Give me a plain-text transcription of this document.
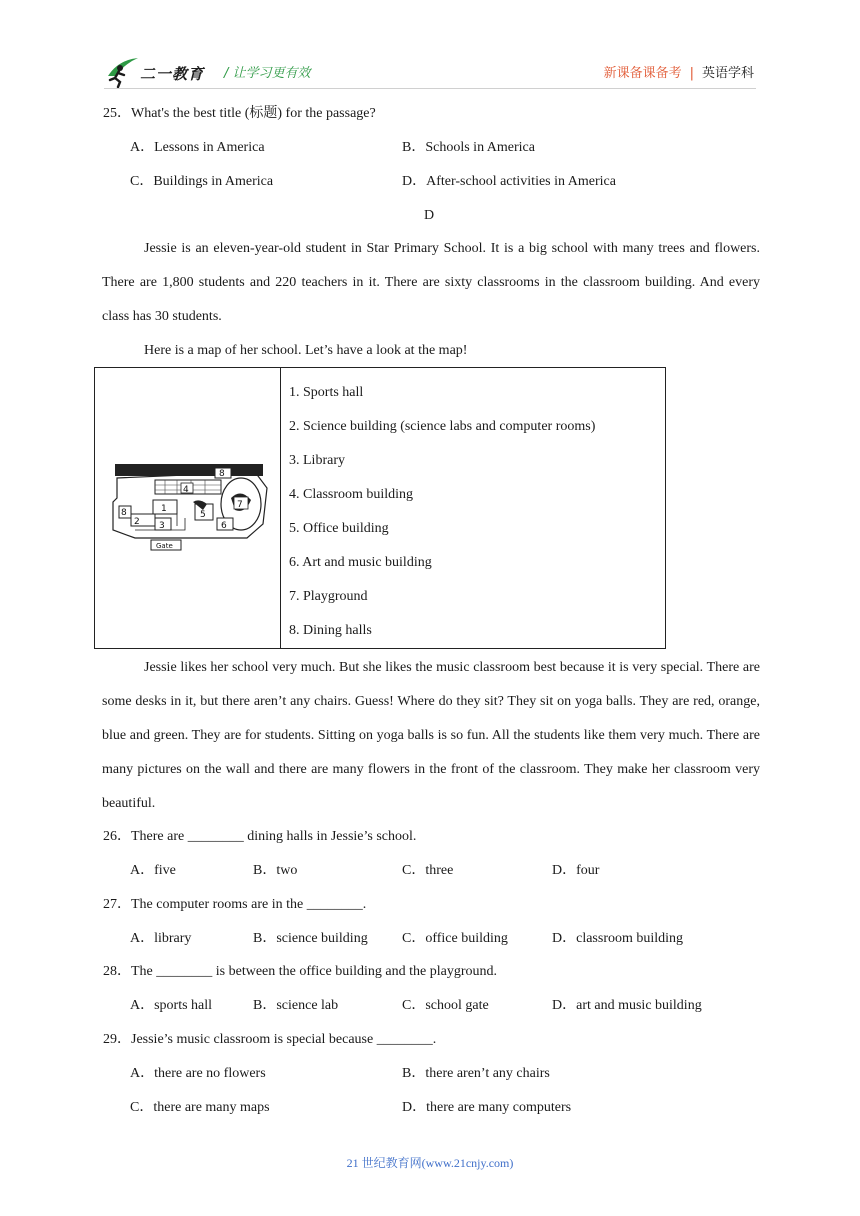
二一教育 / 让学习更有效	新课备课备考 | 英语学科
25．What's the best title (标题) for the passage?
A．Lessons in America	B．Schools in America
C．Buildings in America	D．After-school activities in America
D

Jessie is an eleven-year-old student in Star Primary School. It is a big school with many trees and flowers. There are 1,800 students and 220 teachers in it. There are sixty classrooms in the classroom building. And every class has 30 students.

Here is a map of her school. Let’s have a look at the map!

1
2 3
4
5
6
7
8
8
Gate
1. Sports hall
2. Science building (science labs and computer rooms)
3. Library
4. Classroom building
5. Office building
6. Art and music building
7. Playground
8. Dining halls

Jessie likes her school very much. But she likes the music classroom best because it is very special. There are some desks in it, but there aren’t any chairs. Guess! Where do they sit? They sit on yoga balls. They are red, orange, blue and green. They are for students. Sitting on yoga balls is so fun. All the students like them very much. There are many pictures on the wall and there are many flowers in the front of the classroom. They make her classroom very beautiful.

26．There are ________ dining halls in Jessie’s school.
A．five	B．two	C．three	D．four
27．The computer rooms are in the ________.
A．library	B．science building C．office building	D．classroom building
28．The ________ is between the office building and the playground.
A．sports hall	B．science lab	C．school gate	D．art and music building
29．Jessie’s music classroom is special because ________.
A．there are no flowers	B．there aren’t any chairs
C．there are many maps	D．there are many computers
21 世纪教育网(www.21cnjy.com)
